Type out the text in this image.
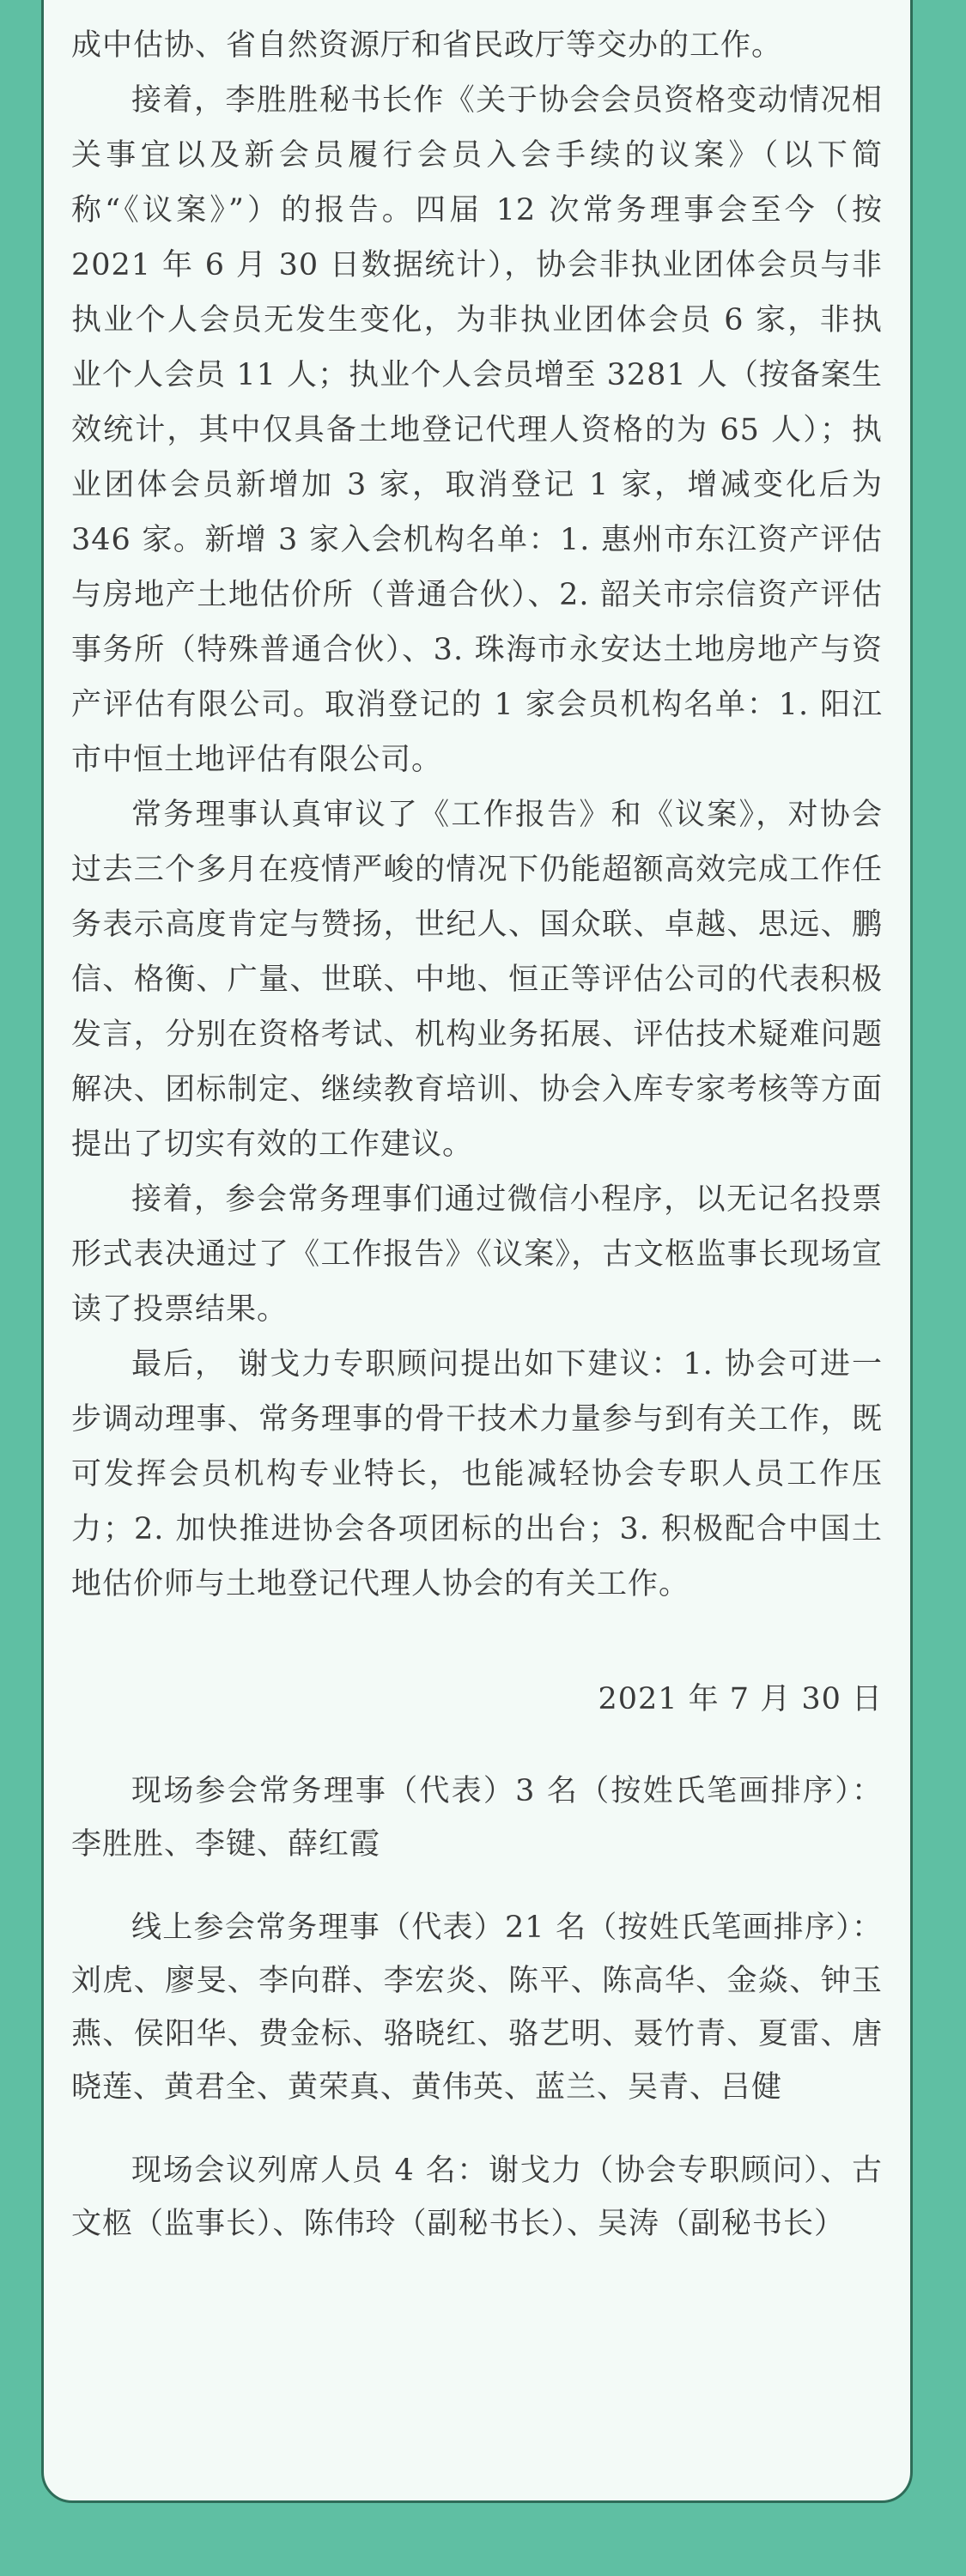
成中估协、省自然资源厅和省民政厅等交办的工作。

接着，李胜胜秘书长作《关于协会会员资格变动情况相关事宜以及新会员履行会员入会手续的议案》（以下简称“《议案》”）的报告。四届 12 次常务理事会至今（按 2021 年 6 月 30 日数据统计），协会非执业团体会员与非执业个人会员无发生变化，为非执业团体会员 6 家，非执业个人会员 11 人；执业个人会员增至 3281 人（按备案生效统计，其中仅具备土地登记代理人资格的为 65 人）；执业团体会员新增加 3 家，取消登记 1 家，增减变化后为 346 家。新增 3 家入会机构名单：1. 惠州市东江资产评估与房地产土地估价所（普通合伙）、2. 韶关市宗信资产评估事务所（特殊普通合伙）、3. 珠海市永安达土地房地产与资产评估有限公司。取消登记的 1 家会员机构名单：1. 阳江市中恒土地评估有限公司。

常务理事认真审议了《工作报告》和《议案》，对协会过去三个多月在疫情严峻的情况下仍能超额高效完成工作任务表示高度肯定与赞扬，世纪人、国众联、卓越、思远、鹏信、格衡、广量、世联、中地、恒正等评估公司的代表积极发言，分别在资格考试、机构业务拓展、评估技术疑难问题解决、团标制定、继续教育培训、协会入库专家考核等方面提出了切实有效的工作建议。

接着，参会常务理事们通过微信小程序，以无记名投票形式表决通过了《工作报告》《议案》，古文柩监事长现场宣读了投票结果。

最后， 谢戈力专职顾问提出如下建议：1. 协会可进一步调动理事、常务理事的骨干技术力量参与到有关工作，既可发挥会员机构专业特长，也能减轻协会专职人员工作压力；2. 加快推进协会各项团标的出台；3. 积极配合中国土地估价师与土地登记代理人协会的有关工作。

2021 年 7 月 30 日

现场参会常务理事（代表）3 名（按姓氏笔画排序）：李胜胜、李键、薛红霞

线上参会常务理事（代表）21 名（按姓氏笔画排序）：刘虎、廖旻、李向群、李宏炎、陈平、陈高华、金焱、钟玉燕、侯阳华、费金标、骆晓红、骆艺明、聂竹青、夏雷、唐晓莲、黄君全、黄荣真、黄伟英、蓝兰、吴青、吕健

现场会议列席人员 4 名：谢戈力（协会专职顾问）、古文柩（监事长）、陈伟玲（副秘书长）、吴涛（副秘书长）
